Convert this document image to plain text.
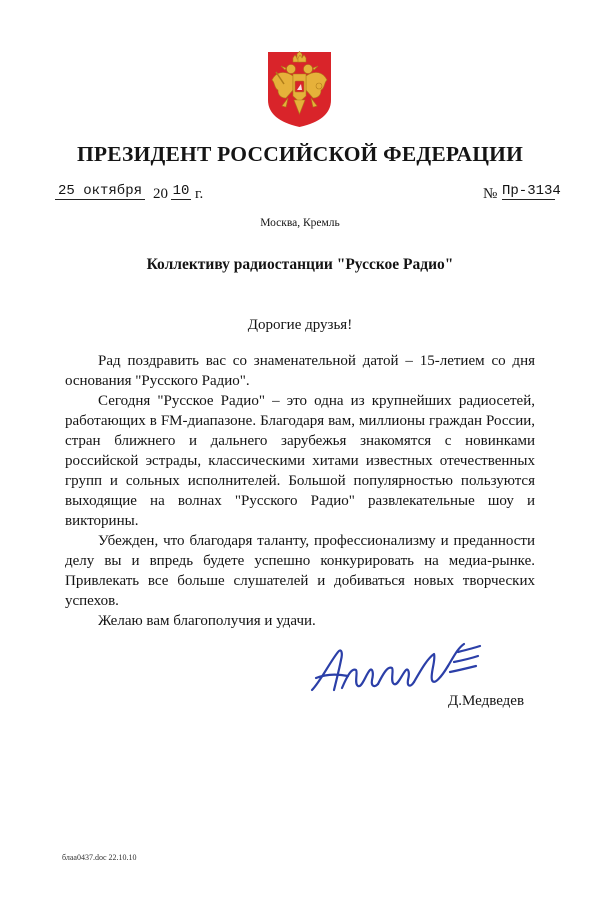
ПРЕЗИДЕНТ РОССИЙСКОЙ ФЕДЕРАЦИИ
25 октября 20 10 г.	№ Пр-3134
Москва, Кремль
Коллективу радиостанции "Русское Радио"
Дорогие друзья!

Рад поздравить вас со знаменательной датой – 15-летием со дня основания "Русского Радио".

Сегодня "Русское Радио" – это одна из крупнейших радиосетей, работающих в FM-диапазоне. Благодаря вам, миллионы граждан России, стран ближнего и дальнего зарубежья знакомятся с новинками российской эстрады, классическими хитами известных отечественных групп и сольных исполнителей. Большой популярностью пользуются выходящие на волнах "Русского Радио" развлекательные шоу и викторины.

Убежден, что благодаря таланту, профессионализму и преданности делу вы и впредь будете успешно конкурировать на медиа-рынке. Привлекать все больше слушателей и добиваться новых творческих успехов.

Желаю вам благополучия и удачи.

Д.Медведев
блаа0437.doc 22.10.10
